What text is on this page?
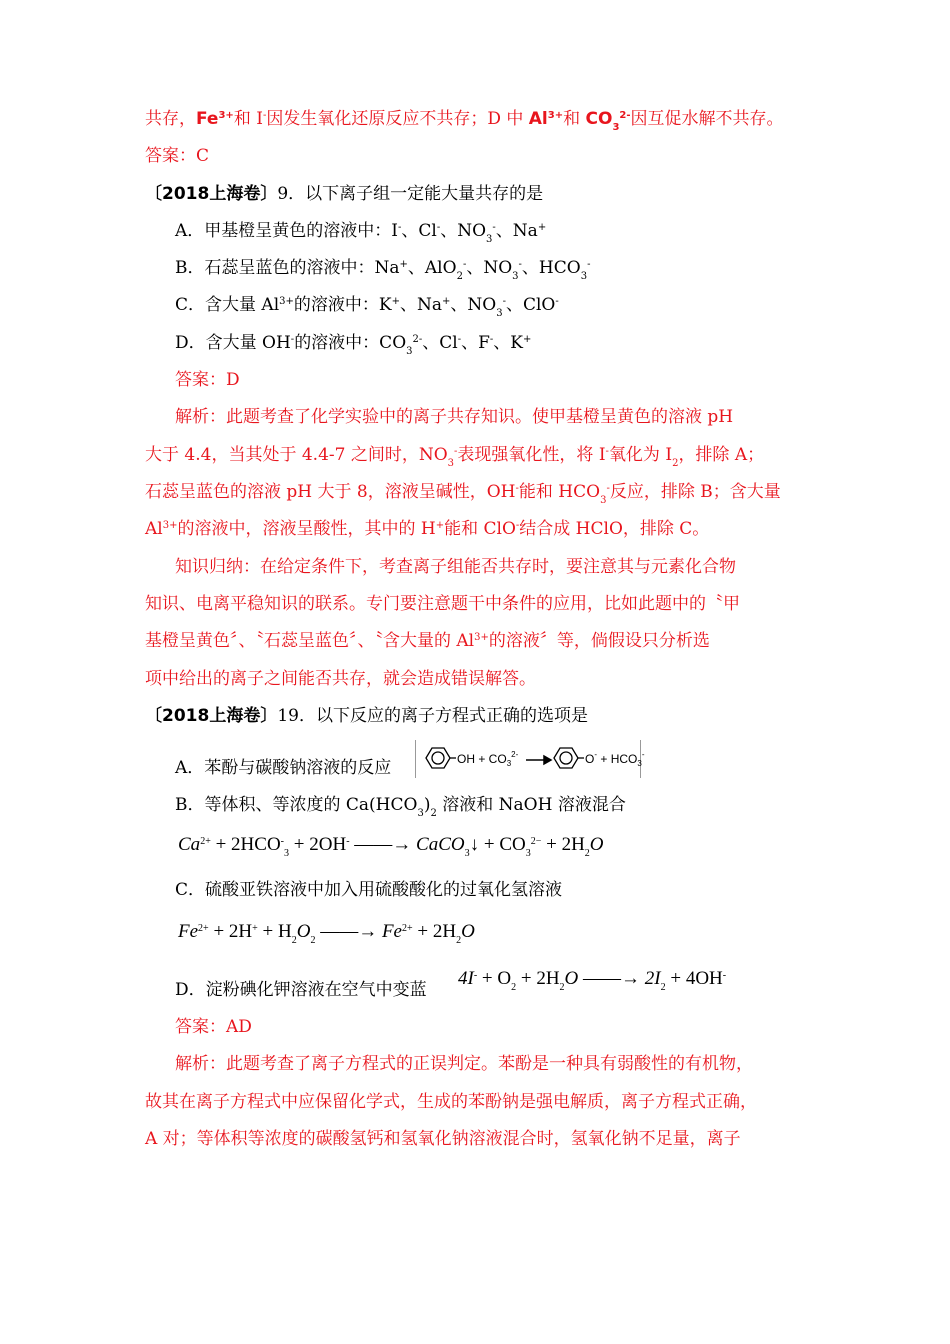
共存，$Fe^{3+}$和 I-因发生氧化还原反应不共存；D 中 $Al^{3+}$和 $CO_3^{2-}$因互促水解不共存。
答案：C
〔2018上海卷〕9．以下离子组一定能大量共存的是
A．甲基橙呈黄色的溶液中：I-、Cl-、$NO_3^-$、Na+
B．石蕊呈蓝色的溶液中：Na+、AlO$_2$-、$NO_3^-$、$HCO_3^-$
C．含大量 $Al^{3+}$的溶液中：K+、Na+、$NO_3^-$、ClO-
D．含大量 OH-的溶液中：$CO_3^{2-}$、Cl-、F-、K+
答案：D
解析：此题考查了化学实验中的离子共存知识。使甲基橙呈黄色的溶液 pH
大于 4.4，当其处于 4.4-7 之间时，$NO_3^-$表现强氧化性，将 I-氧化为 $I_2$，排除 A；
石蕊呈蓝色的溶液 pH 大于 8，溶液呈碱性，OH-能和 $HCO_3^-$反应，排除 B；含大量
$Al^{3+}$的溶液中，溶液呈酸性，其中的 H+能和 ClO-结合成 HClO，排除 C。
知识归纳：在给定条件下，考查离子组能否共存时，要注意其与元素化合物
知识、电离平稳知识的联系。专门要注意题干中条件的应用，比如此题中的〝甲
基橙呈黄色〞、〝石蕊呈蓝色〞、〝含大量的 $Al^{3+}$的溶液〞等，倘假设只分析选
项中给出的离子之间能否共存，就会造成错误解答。
〔2018上海卷〕19．以下反应的离子方程式正确的选项是
A．苯酚与碳酸钠溶液的反应	OH + $CO_3^{2-}$	$O^- + HCO_3^-$
B．等体积、等浓度的 $Ca(HCO_3)_2$ 溶液和 NaOH 溶液混合
$Ca^{2+} + 2HCO^-_3 + 2OH^-$ ——→ CaCO$_3$↓ + $CO_3^{2-} + 2H_2O$
C．硫酸亚铁溶液中加入用硫酸酸化的过氧化氢溶液
$Fe^{2+} + 2H^+ + H_2O_2$ ——→ $Fe^{2+} + 2H_2O$
D．淀粉碘化钾溶液在空气中变蓝
$4I^- + O_2 + 2H_2O$ ——→ $2I_2 + 4OH^-$
答案：AD
解析：此题考查了离子方程式的正误判定。苯酚是一种具有弱酸性的有机物，
故其在离子方程式中应保留化学式，生成的苯酚钠是强电解质，离子方程式正确，
A 对；等体积等浓度的碳酸氢钙和氢氧化钠溶液混合时，氢氧化钠不足量，离子
